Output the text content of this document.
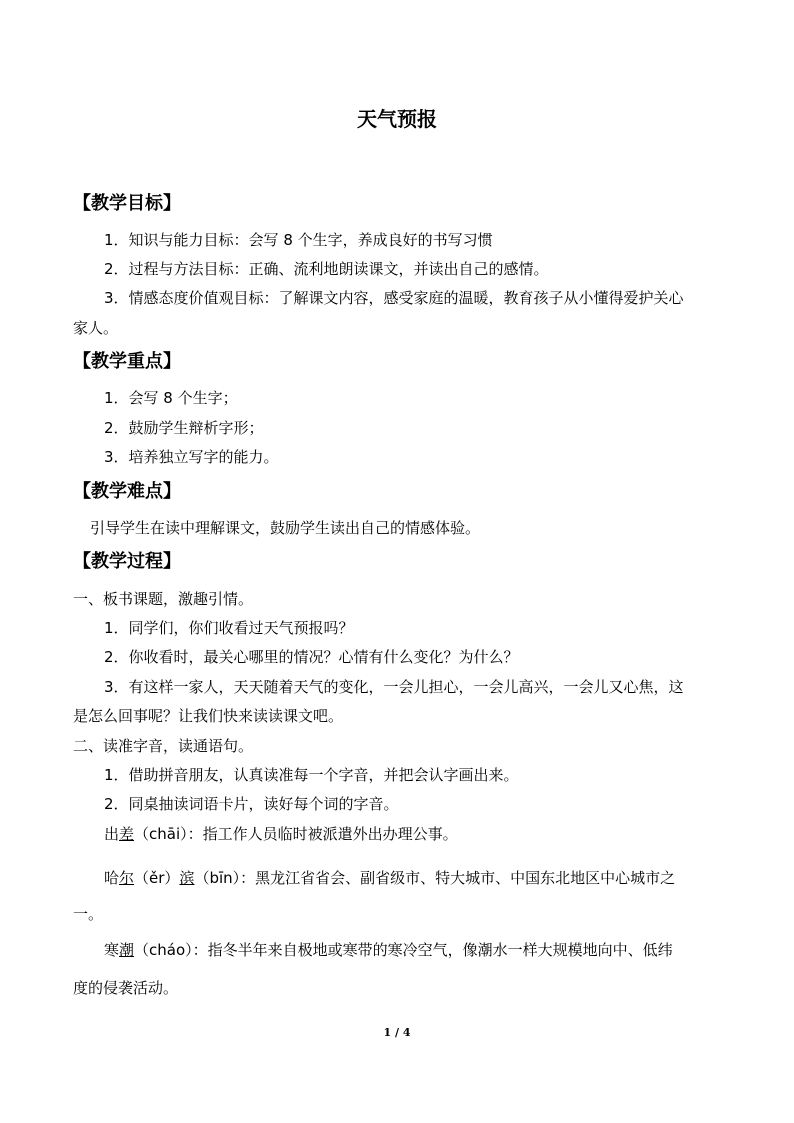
天气预报
【教学目标】
1．知识与能力目标：会写 8 个生字，养成良好的书写习惯
2．过程与方法目标：正确、流利地朗读课文，并读出自己的感情。
3．情感态度价值观目标：了解课文内容，感受家庭的温暖，教育孩子从小懂得爱护关心
家人。
【教学重点】
1．会写 8 个生字；
2．鼓励学生辩析字形；
3．培养独立写字的能力。
【教学难点】
引导学生在读中理解课文，鼓励学生读出自己的情感体验。
【教学过程】
一、板书课题，激趣引情。
1．同学们，你们收看过天气预报吗？
2．你收看时，最关心哪里的情况？心情有什么变化？为什么？
3．有这样一家人，天天随着天气的变化，一会儿担心，一会儿高兴，一会儿又心焦，这
是怎么回事呢？让我们快来读读课文吧。
二、读准字音，读通语句。
1．借助拼音朋友，认真读准每一个字音，并把会认字画出来。
2．同桌抽读词语卡片，读好每个词的字音。
出差（chāi）：指工作人员临时被派遣外出办理公事。
哈尔（ěr）滨（bīn）：黑龙江省省会、副省级市、特大城市、中国东北地区中心城市之
一。
寒潮（cháo）：指冬半年来自极地或寒带的寒冷空气，像潮水一样大规模地向中、低纬
度的侵袭活动。
1 / 4
